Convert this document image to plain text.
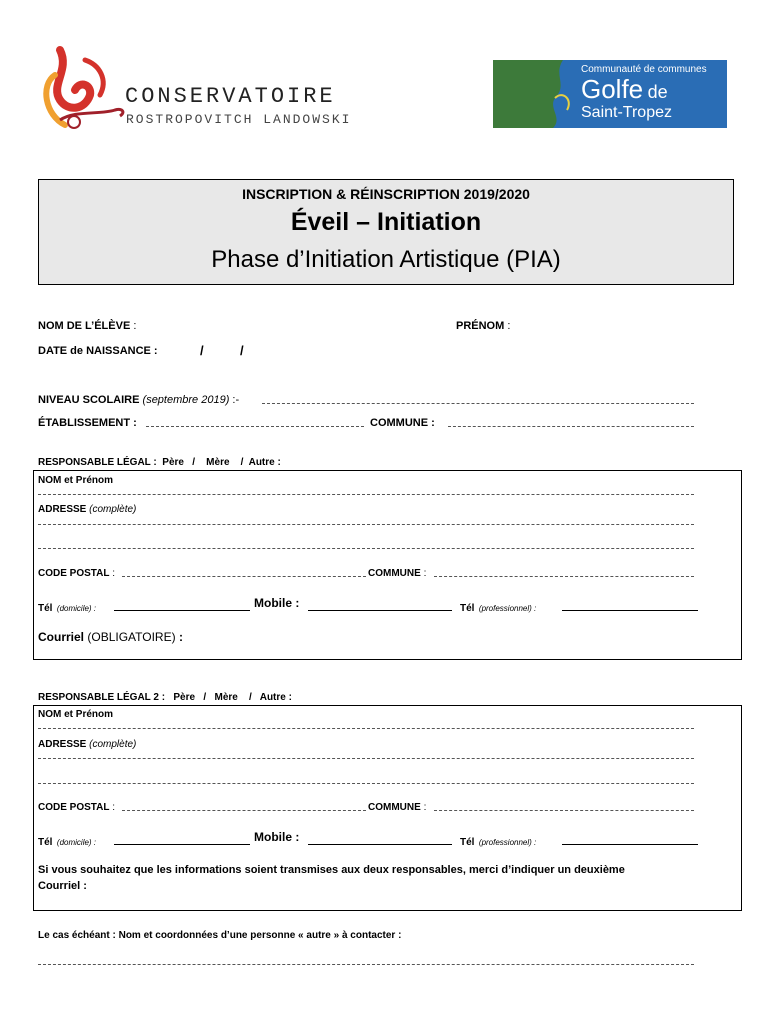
CONSERVATOIRE
ROSTROPOVITCH LANDOWSKI
Communauté de communes
Golfe de
Saint-Tropez
INSCRIPTION & RÉINSCRIPTION 2019/2020
Éveil – Initiation
Phase d’Initiation Artistique (PIA)
NOM DE L’ÉLÈVE :	PRÉNOM :
DATE de NAISSANCE :	/	/
NIVEAU SCOLAIRE (septembre 2019) :-
ÉTABLISSEMENT :	COMMUNE :
RESPONSABLE LÉGAL :  Père   /    Mère    /  Autre :
NOM et Prénom
ADRESSE (complète)
CODE POSTAL :	COMMUNE :
Tél (domicile) :	Mobile :	Tél (professionnel) :
Courriel (OBLIGATOIRE) :
RESPONSABLE LÉGAL 2 :   Père   /   Mère    /   Autre :
NOM et Prénom
ADRESSE (complète)
CODE POSTAL :	COMMUNE :
Tél (domicile) :	Mobile :	Tél (professionnel) :
Si vous souhaitez que les informations soient transmises aux deux responsables, merci d’indiquer un deuxième
Courriel :
Le cas échéant : Nom et coordonnées d’une personne « autre » à contacter :
